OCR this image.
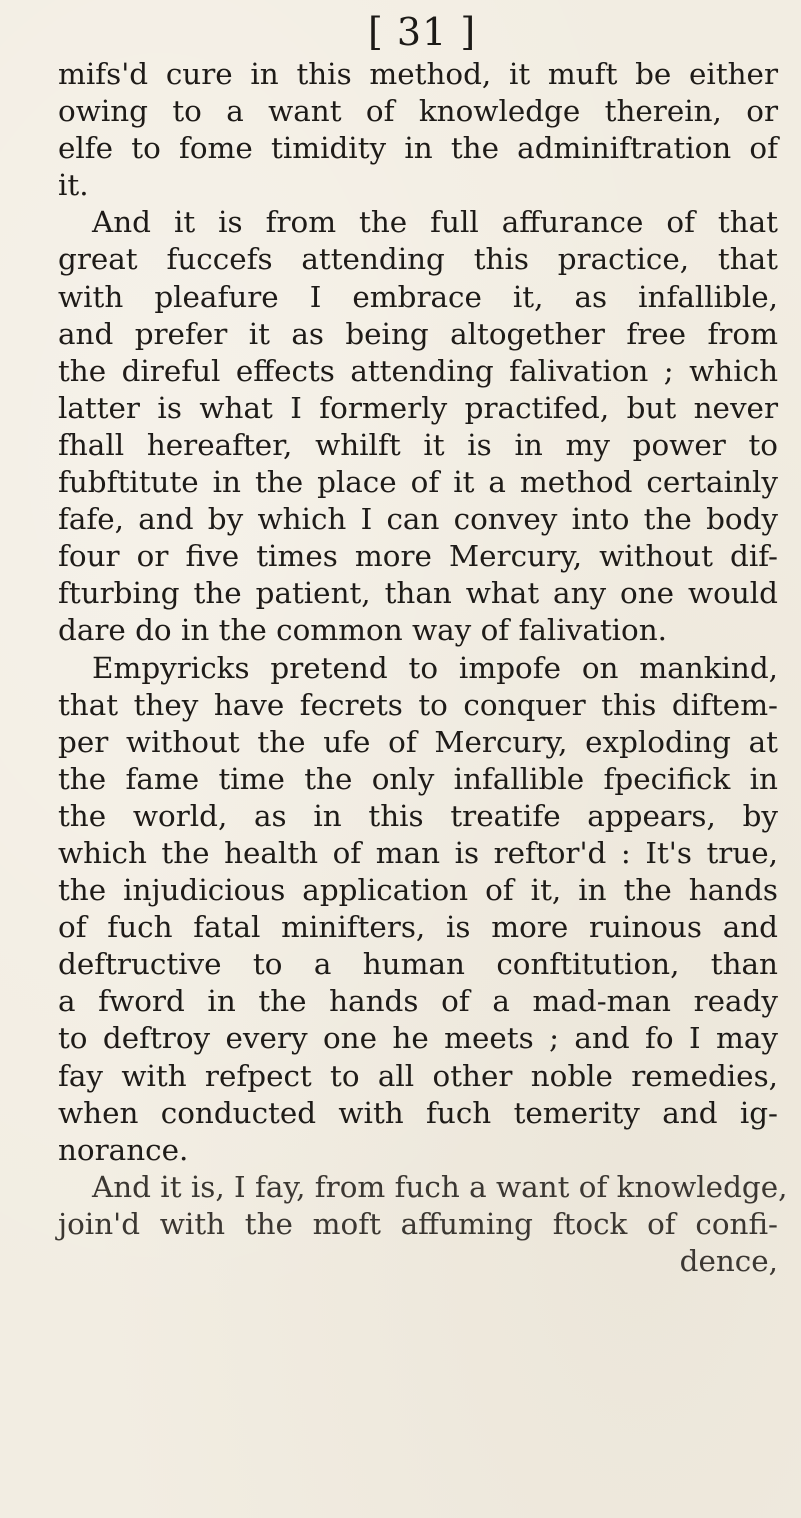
[ 31 ]
mifs'd cure in this method, it muft be either
owing to a want of knowledge therein, or
elfe to fome timidity in the adminiftration of
it.
And it is from the full affurance of that
great fuccefs attending this practice, that
with pleafure I embrace it, as infallible,
and prefer it as being altogether free from
the direful effects attending falivation ; which
latter is what I formerly practifed, but never
fhall hereafter, whilft it is in my power to
fubftitute in the place of it a method certainly
fafe, and by which I can convey into the body
four or five times more Mercury, without dif-
fturbing the patient, than what any one would
dare do in the common way of falivation.
Empyricks pretend to impofe on mankind,
that they have fecrets to conquer this diftem-
per without the ufe of Mercury, exploding at
the fame time the only infallible fpecifick in
the world, as in this treatife appears, by
which the health of man is reftor'd : It's true,
the injudicious application of it, in the hands
of fuch fatal minifters, is more ruinous and
deftructive to a human conftitution, than
a fword in the hands of a mad-man ready
to deftroy every one he meets ; and fo I may
fay with refpect to all other noble remedies,
when conducted with fuch temerity and ig-
norance.
And it is, I fay, from fuch a want of knowledge,
join'd with the moft affuming ftock of confi-
dence,
